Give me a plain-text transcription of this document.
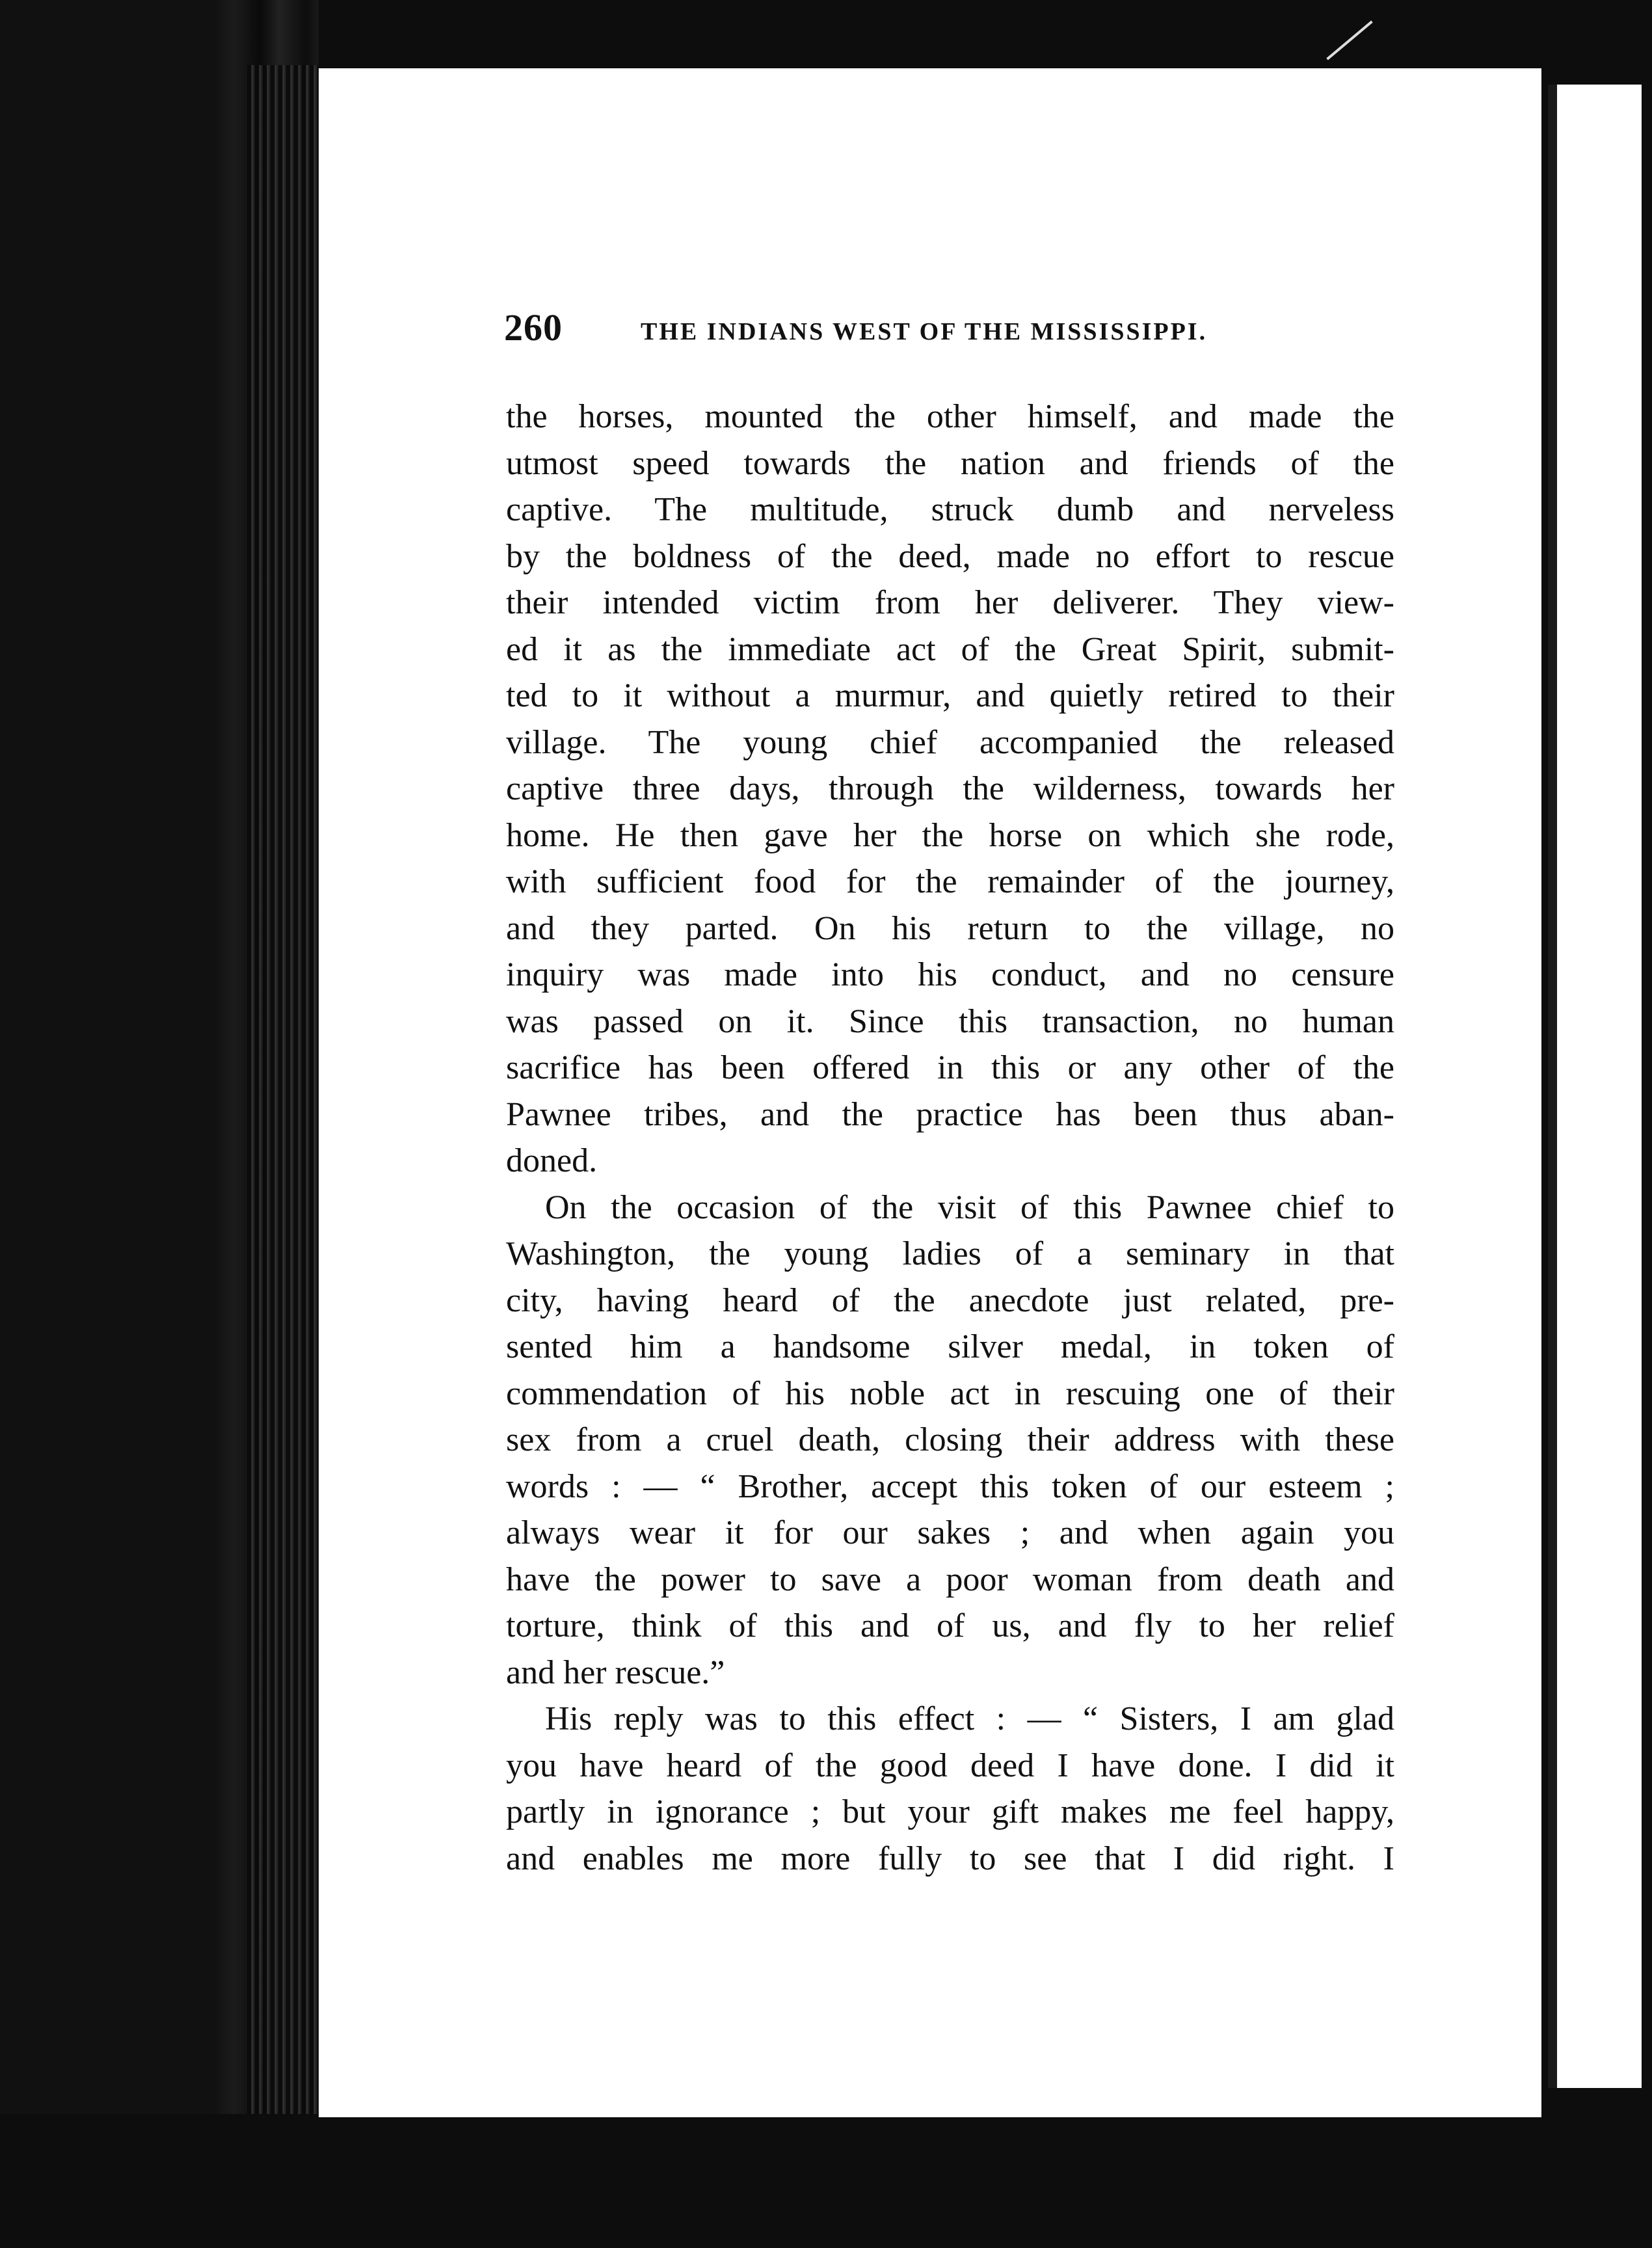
260	THE INDIANS WEST OF THE MISSISSIPPI.
the horses, mounted the other himself, and made the
utmost speed towards the nation and friends of the
captive. The multitude, struck dumb and nerveless
by the boldness of the deed, made no effort to rescue
their intended victim from her deliverer. They view-
ed it as the immediate act of the Great Spirit, submit-
ted to it without a murmur, and quietly retired to their
village. The young chief accompanied the released
captive three days, through the wilderness, towards her
home. He then gave her the horse on which she rode,
with sufficient food for the remainder of the journey,
and they parted. On his return to the village, no
inquiry was made into his conduct, and no censure
was passed on it. Since this transaction, no human
sacrifice has been offered in this or any other of the
Pawnee tribes, and the practice has been thus aban-
doned.
On the occasion of the visit of this Pawnee chief to
Washington, the young ladies of a seminary in that
city, having heard of the anecdote just related, pre-
sented him a handsome silver medal, in token of
commendation of his noble act in rescuing one of their
sex from a cruel death, closing their address with these
words : — “ Brother, accept this token of our esteem ;
always wear it for our sakes ; and when again you
have the power to save a poor woman from death and
torture, think of this and of us, and fly to her relief
and her rescue.”
His reply was to this effect : — “ Sisters, I am glad
you have heard of the good deed I have done. I did it
partly in ignorance ; but your gift makes me feel happy,
and enables me more fully to see that I did right. I
